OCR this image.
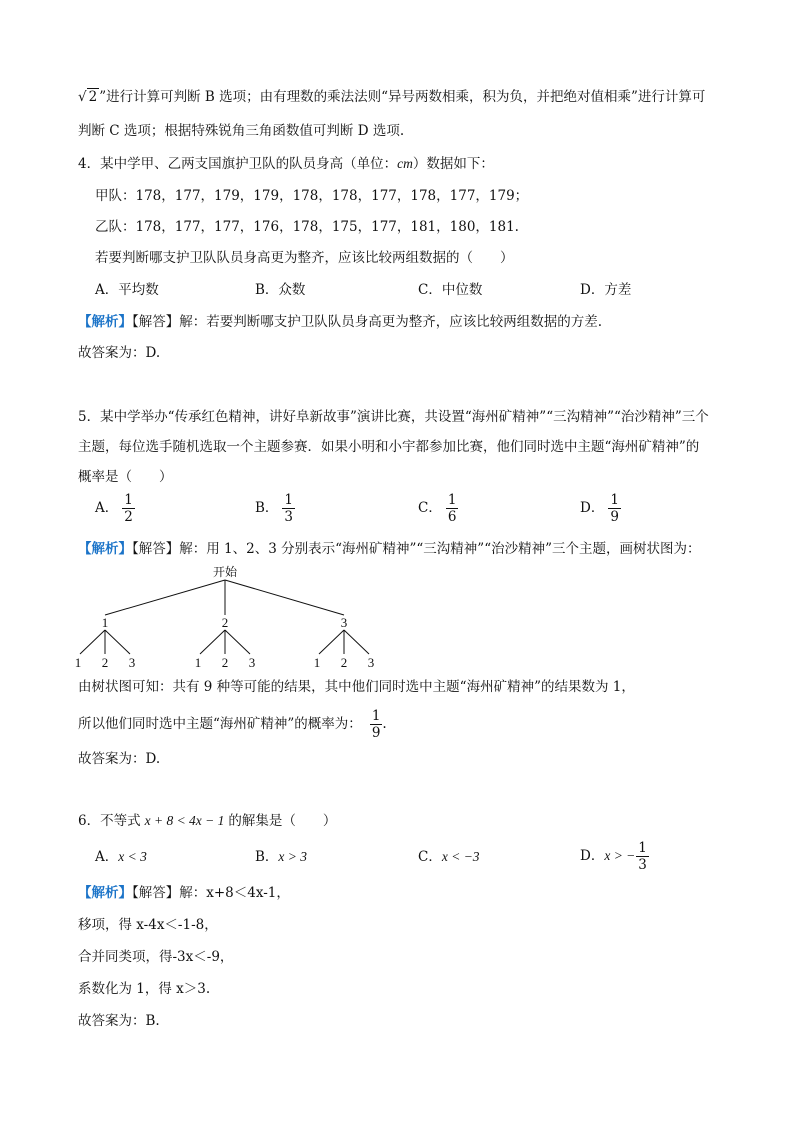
√ 2 ”进行计算可判断 B 选项；由有理数的乘法法则“异号两数相乘，积为负，并把绝对值相乘”进行计算可
判断 C 选项；根据特殊锐角三角函数值可判断 D 选项.
4．某中学甲、乙两支国旗护卫队的队员身高（单位：cm）数据如下：
甲队：178，177，179，179，178，178，177，178，177，179；
乙队：178，177，177，176，178，175，177，181，180，181.
若要判断哪支护卫队队员身高更为整齐，应该比较两组数据的（　　）
A．平均数	B．众数	C．中位数	D．方差
【解析】【解答】解：若要判断哪支护卫队队员身高更为整齐，应该比较两组数据的方差.
故答案为：D.
5．某中学举办“传承红色精神，讲好阜新故事”演讲比赛，共设置“海州矿精神”“三沟精神”“治沙精神”三个
主题，每位选手随机选取一个主题参赛．如果小明和小宇都参加比赛，他们同时选中主题“海州矿精神”的
概率是（　　）
A． $\frac{1}{2}$	B． $\frac{1}{3}$	C． $\frac{1}{6}$	D． $\frac{1}{9}$
【解析】【解答】解：用 1、2、3 分别表示“海州矿精神”“三沟精神”“治沙精神”三个主题，画树状图为：
开始
1	2	3
1 2 3	1 2 3	1 2 3
由树状图可知：共有 9 种等可能的结果，其中他们同时选中主题“海州矿精神”的结果数为 1，
所以他们同时选中主题“海州矿精神”的概率为： $\frac{1}{9}$ .
故答案为：D.
6．不等式 x + 8 < 4x − 1 的解集是（　　）
A．x < 3	B．x > 3	C．x < −3	D．x > − $\frac{1}{3}$
【解析】【解答】解：x+8＜4x-1，
移项，得 x-4x＜-1-8，
合并同类项，得-3x＜-9，
系数化为 1，得 x＞3.
故答案为：B.
